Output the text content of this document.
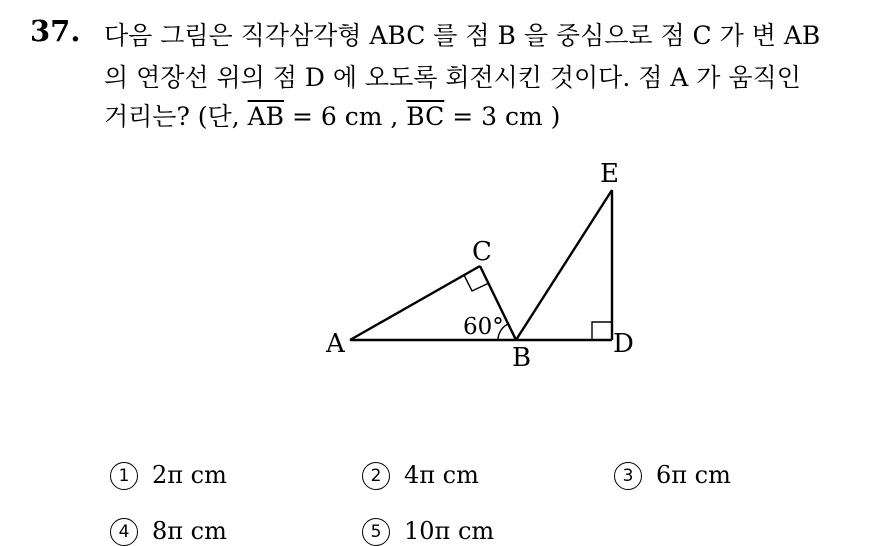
37. 다음 그림은 직각삼각형 ABC 를 점 B 을 중심으로 점 C 가 변 AB
의 연장선 위의 점 D 에 오도록 회전시킨 것이다. 점 A 가 움직인
거리는? (단, $\overline{AB} = 6$ cm , $\overline{BC} = 3$ cm )
A	B
C
D
E
60°
1 2π cm	2 4π cm	3 6π cm
4 8π cm	5 10π cm
